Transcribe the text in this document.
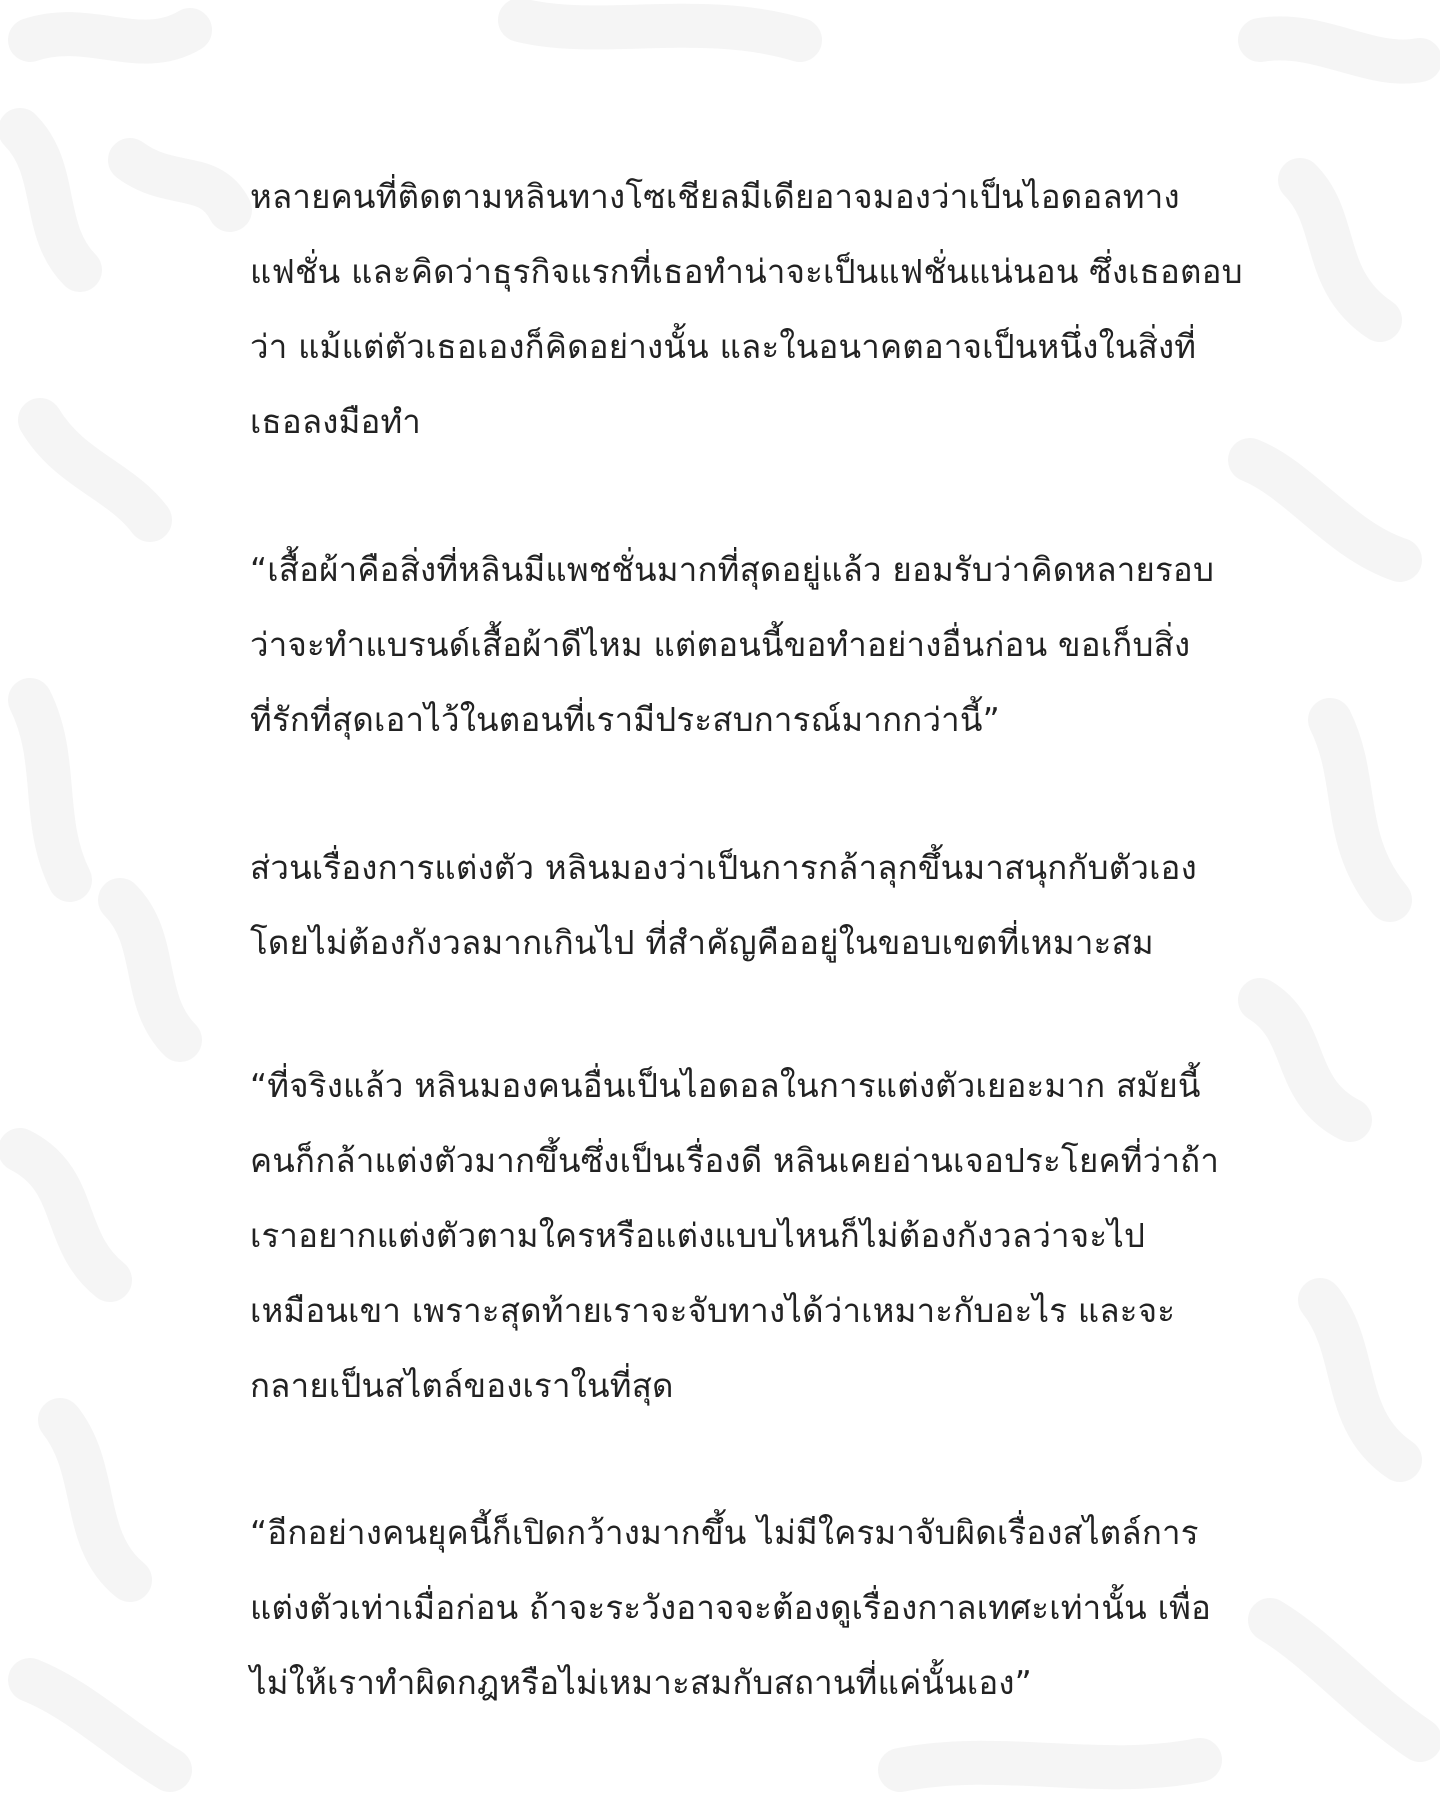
หลายคนที่ติดตามหลินทางโซเชียลมีเดียอาจมองว่าเป็นไอดอลทาง
แฟชั่น และคิดว่าธุรกิจแรกที่เธอทำน่าจะเป็นแฟชั่นแน่นอน ซึ่งเธอตอบ
ว่า แม้แต่ตัวเธอเองก็คิดอย่างนั้น และในอนาคตอาจเป็นหนึ่งในสิ่งที่
เธอลงมือทำ

“เสื้อผ้าคือสิ่งที่หลินมีแพชชั่นมากที่สุดอยู่แล้ว ยอมรับว่าคิดหลายรอบ
ว่าจะทำแบรนด์เสื้อผ้าดีไหม แต่ตอนนี้ขอทำอย่างอื่นก่อน ขอเก็บสิ่ง
ที่รักที่สุดเอาไว้ในตอนที่เรามีประสบการณ์มากกว่านี้”

ส่วนเรื่องการแต่งตัว หลินมองว่าเป็นการกล้าลุกขึ้นมาสนุกกับตัวเอง
โดยไม่ต้องกังวลมากเกินไป ที่สำคัญคืออยู่ในขอบเขตที่เหมาะสม

“ที่จริงแล้ว หลินมองคนอื่นเป็นไอดอลในการแต่งตัวเยอะมาก สมัยนี้
คนก็กล้าแต่งตัวมากขึ้นซึ่งเป็นเรื่องดี หลินเคยอ่านเจอประโยคที่ว่าถ้า
เราอยากแต่งตัวตามใครหรือแต่งแบบไหนก็ไม่ต้องกังวลว่าจะไป
เหมือนเขา เพราะสุดท้ายเราจะจับทางได้ว่าเหมาะกับอะไร และจะ
กลายเป็นสไตล์ของเราในที่สุด

“อีกอย่างคนยุคนี้ก็เปิดกว้างมากขึ้น ไม่มีใครมาจับผิดเรื่องสไตล์การ
แต่งตัวเท่าเมื่อก่อน ถ้าจะระวังอาจจะต้องดูเรื่องกาลเทศะเท่านั้น เพื่อ
ไม่ให้เราทำผิดกฎหรือไม่เหมาะสมกับสถานที่แค่นั้นเอง”
